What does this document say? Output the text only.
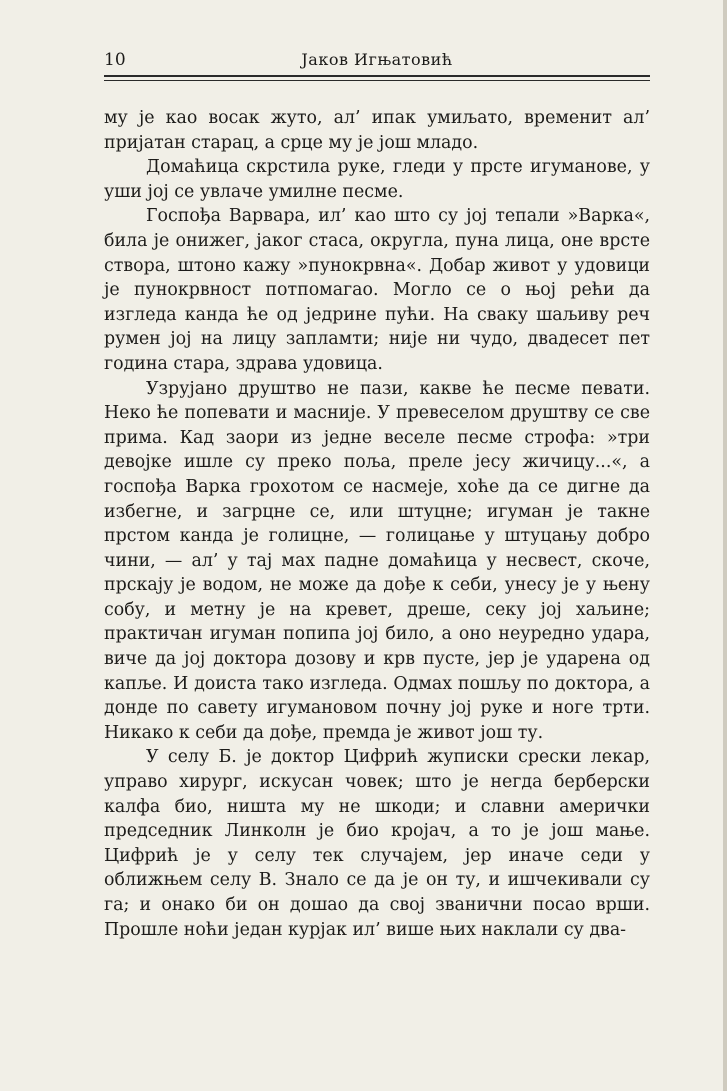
10	Јаков Игњатовић

му је као восак жуто, ал’ ипак умиљато, временит ал’ пријатан старац, а срце му је још младо.

Домаћица скрстила руке, гледи у прсте игумановe, у уши јој се увлаче умилне песме.

Госпођа Варвара, ил’ као што су јој тепали »Варка«, била је онижег, јаког стаса, округла, пуна лица, оне врсте створа, штоно кажу »пунокрвна«. Добар живот у удовици је пунокрвност потпомагао. Могло се о њој рећи да изгледа канда ће од једрине пући. На сваку шаљиву реч румен јој на лицу запламти; није ни чудо, двадесет пет година стара, здрава удовица.

Узрујано друштво не пази, какве ће песме певати. Неко ће попевати и масније. У превеселом друштву се све прима. Кад заори из једне веселе песме строфа: »три девојке ишле су преко поља, преле јесу жичицу...«, а госпођа Варка грохотом се насмеје, хоће да се дигне да избегне, и загрцне се, или штуцне; игуман је такне прстом канда је голицне, — голицање у штуцању добро чини, — ал’ у тај мах падне домаћица у несвест, скоче, прскају је водом, не може да дође к себи, унесу је у њену собу, и метну је на кревет, дреше, секу јој хаљине; практичан игуман попипа јој било, а оно неуредно удара, виче да јој доктора дозову и крв пусте, јер је ударена од капље. И доиста тако изгледа. Одмах пошљу по доктора, а донде по савету игумановом почну јој руке и ноге трти. Никако к себи да дође, премда је живот још ту.

У селу Б. је доктор Цифрић жуписки срески лекар, управо хирург, искусан човек; што је негда берберски калфа био, ништа му не шкоди; и славни амерички председник Линколн је био кројач, а то је још мање. Цифрић је у селу тек случајем, јер иначе седи у оближњем селу В. Знало се да је он ту, и ишчекивали су га; и онако би он дошао да свој званични посао врши. Прошле ноћи један курјак ил’ више њих наклали су два-
